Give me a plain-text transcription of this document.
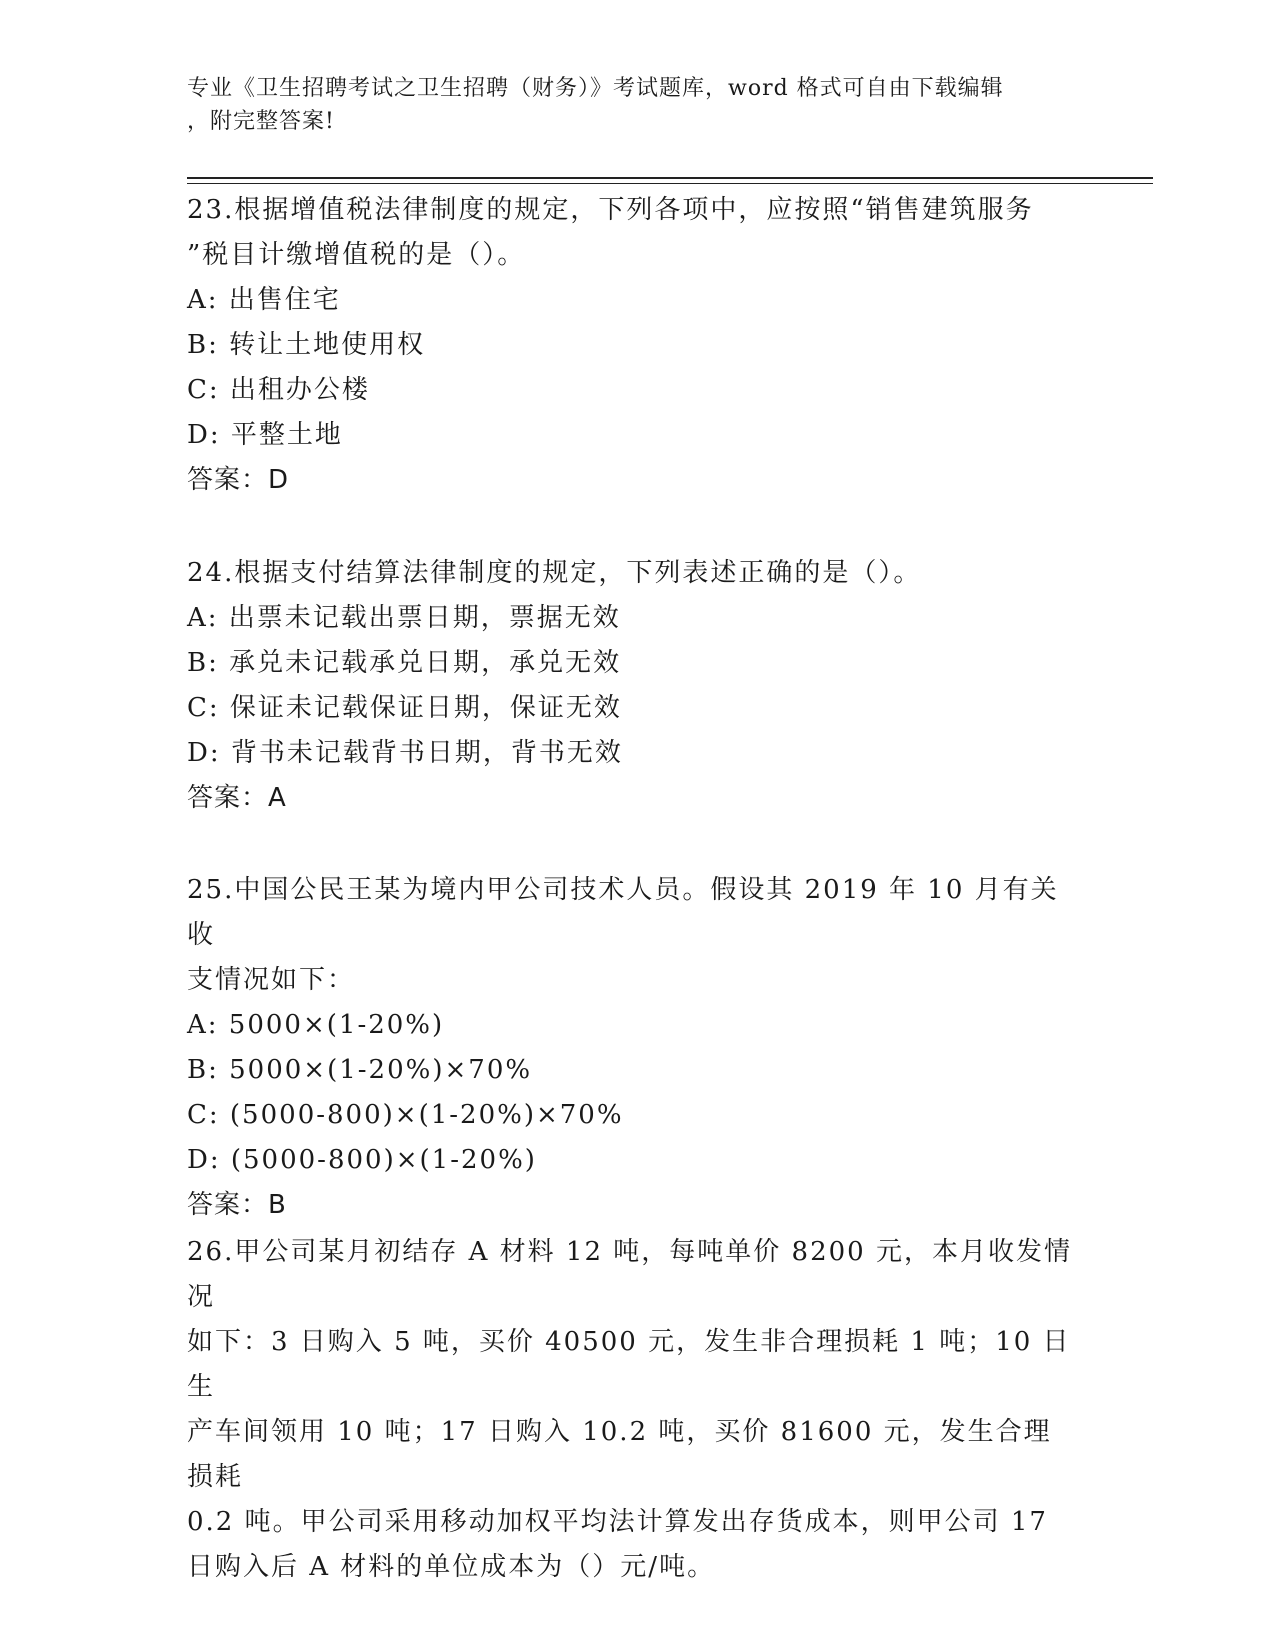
专业《卫生招聘考试之卫生招聘（财务）》考试题库，word 格式可自由下载编辑
，附完整答案!

23.根据增值税法律制度的规定，下列各项中，应按照“销售建筑服务

”税目计缴增值税的是（）。

A: 出售住宅

B: 转让土地使用权

C: 出租办公楼

D: 平整土地

答案：D

24.根据支付结算法律制度的规定，下列表述正确的是（）。

A: 出票未记载出票日期，票据无效

B: 承兑未记载承兑日期，承兑无效

C: 保证未记载保证日期，保证无效

D: 背书未记载背书日期，背书无效

答案：A

25.中国公民王某为境内甲公司技术人员。假设其 2019 年 10 月有关收

支情况如下：

A: 5000×(1-20%)

B: 5000×(1-20%)×70%

C: (5000-800)×(1-20%)×70%

D: (5000-800)×(1-20%)

答案：B

26.甲公司某月初结存 A 材料 12 吨，每吨单价 8200 元，本月收发情况

如下：3 日购入 5 吨，买价 40500 元，发生非合理损耗 1 吨；10 日生

产车间领用 10 吨；17 日购入 10.2 吨，买价 81600 元，发生合理损耗

0.2 吨。甲公司采用移动加权平均法计算发出存货成本，则甲公司 17

日购入后 A 材料的单位成本为（）元/吨。
